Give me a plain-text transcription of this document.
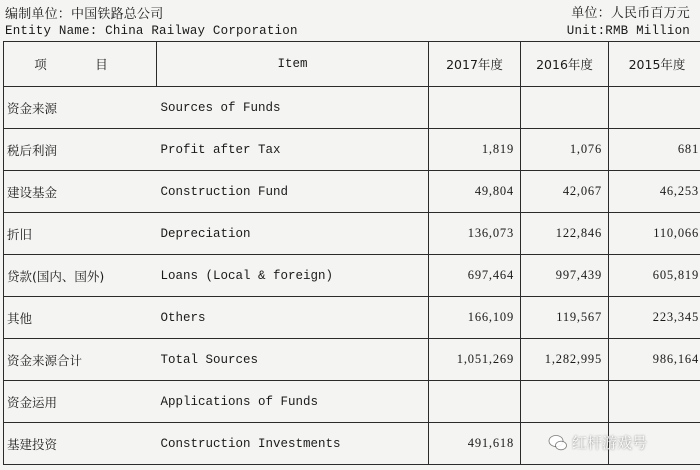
编制单位：中国铁路总公司
Entity Name: China Railway Corporation
单位：人民币百万元
Unit:RMB Million
项　目	Item	2017年度	2016年度	2015年度
资金来源	Sources of Funds			
税后利润	Profit after Tax	1,819	1,076	681
建设基金	Construction Fund	49,804	42,067	46,253
折旧	Depreciation	136,073	122,846	110,066
贷款(国内、国外)	Loans (Local & foreign)	697,464	997,439	605,819
其他	Others	166,109	119,567	223,345
资金来源合计	Total Sources	1,051,269	1,282,995	986,164
资金运用	Applications of Funds			
基建投资	Construction Investments	491,618			红杆游戏号
